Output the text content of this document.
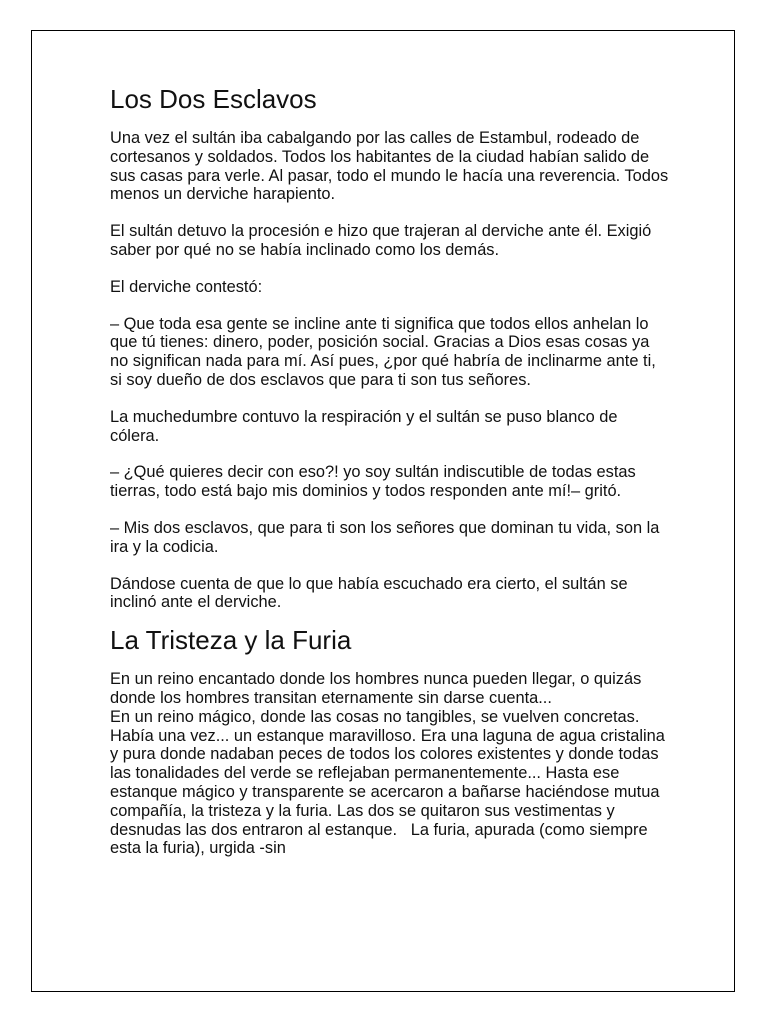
Los Dos Esclavos

Una vez el sultán iba cabalgando por las calles de Estambul, rodeado de cortesanos y soldados. Todos los habitantes de la ciudad habían salido de sus casas para verle. Al pasar, todo el mundo le hacía una reverencia. Todos menos un derviche harapiento.

El sultán detuvo la procesión e hizo que trajeran al derviche ante él. Exigió saber por qué no se había inclinado como los demás.

El derviche contestó:

– Que toda esa gente se incline ante ti significa que todos ellos anhelan lo que tú tienes: dinero, poder, posición social. Gracias a Dios esas cosas ya no significan nada para mí. Así pues, ¿por qué habría de inclinarme ante ti, si soy dueño de dos esclavos que para ti son tus señores.

La muchedumbre contuvo la respiración y el sultán se puso blanco de cólera.

– ¿Qué quieres decir con eso?! yo soy sultán indiscutible de todas estas tierras, todo está bajo mis dominios y todos responden ante mí!– gritó.

– Mis dos esclavos, que para ti son los señores que dominan tu vida, son la ira y la codicia.

Dándose cuenta de que lo que había escuchado era cierto, el sultán se inclinó ante el derviche.

La Tristeza y la Furia

En un reino encantado donde los hombres nunca pueden llegar, o quizás donde los hombres transitan eternamente sin darse cuenta...

En un reino mágico, donde las cosas no tangibles, se vuelven concretas.

Había una vez... un estanque maravilloso. Era una laguna de agua cristalina y pura donde nadaban peces de todos los colores existentes y donde todas las tonalidades del verde se reflejaban permanentemente... Hasta ese estanque mágico y transparente se acercaron a bañarse haciéndose mutua compañía, la tristeza y la furia. Las dos se quitaron sus vestimentas y desnudas las dos entraron al estanque.   La furia, apurada (como siempre esta la furia), urgida -sin
